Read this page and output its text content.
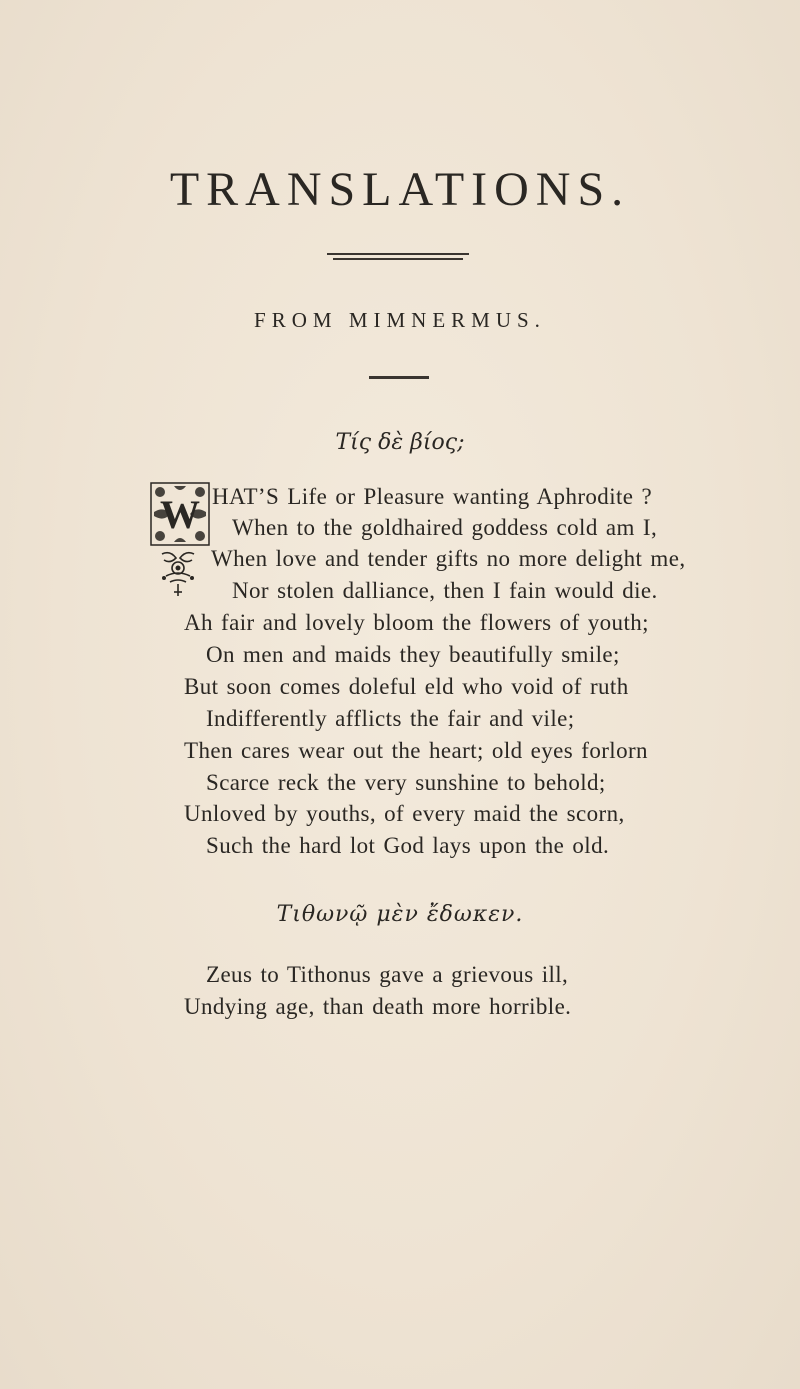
TRANSLATIONS.
FROM MIMNERMUS.

Τίς δὲ βίος;

W HAT’S Life or Pleasure wanting Aphrodite ?
When to the goldhaired goddess cold am I,
When love and tender gifts no more delight me,
Nor stolen dalliance, then I fain would die.
Ah fair and lovely bloom the flowers of youth;
On men and maids they beautifully smile;
But soon comes doleful eld who void of ruth
Indifferently afflicts the fair and vile;
Then cares wear out the heart; old eyes forlorn
Scarce reck the very sunshine to behold;
Unloved by youths, of every maid the scorn,
Such the hard lot God lays upon the old.

Τιθωνῷ μὲν ἔδωκεν.

Zeus to Tithonus gave a grievous ill,
Undying age, than death more horrible.
